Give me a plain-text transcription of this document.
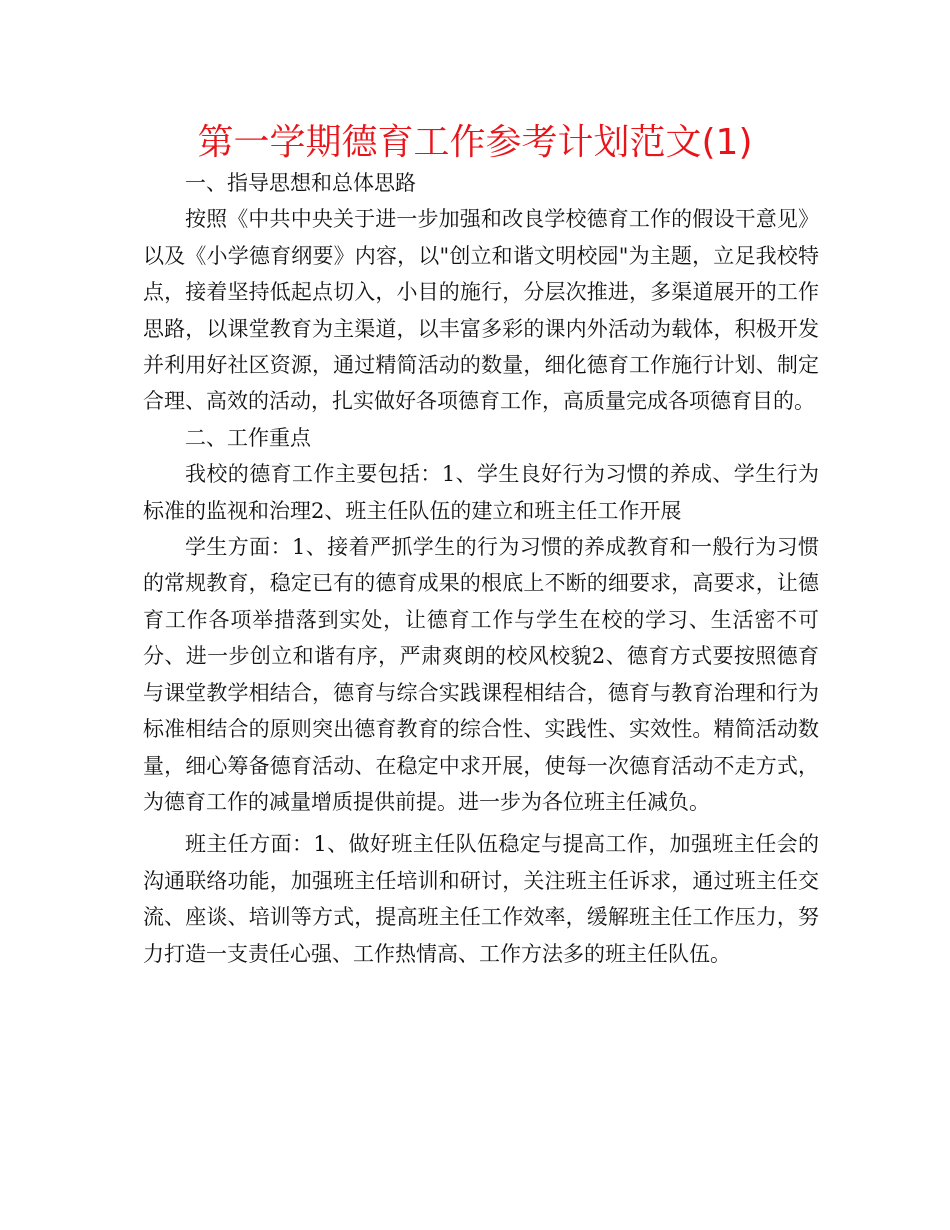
第一学期德育工作参考计划范文(1)

一、指导思想和总体思路

按照《中共中央关于进一步加强和改良学校德育工作的假设干意见》以及《小学德育纲要》内容，以"创立和谐文明校园"为主题，立足我校特点，接着坚持低起点切入，小目的施行，分层次推进，多渠道展开的工作思路，以课堂教育为主渠道，以丰富多彩的课内外活动为载体，积极开发并利用好社区资源，通过精简活动的数量，细化德育工作施行计划、制定合理、高效的活动，扎实做好各项德育工作，高质量完成各项德育目的。

二、工作重点

我校的德育工作主要包括：1、学生良好行为习惯的养成、学生行为标准的监视和治理2、班主任队伍的建立和班主任工作开展

学生方面：1、接着严抓学生的行为习惯的养成教育和一般行为习惯的常规教育，稳定已有的德育成果的根底上不断的细要求，高要求，让德育工作各项举措落到实处，让德育工作与学生在校的学习、生活密不可分、进一步创立和谐有序，严肃爽朗的校风校貌2、德育方式要按照德育与课堂教学相结合，德育与综合实践课程相结合，德育与教育治理和行为标准相结合的原则突出德育教育的综合性、实践性、实效性。精简活动数量，细心筹备德育活动、在稳定中求开展，使每一次德育活动不走方式，为德育工作的减量增质提供前提。进一步为各位班主任减负。

班主任方面：1、做好班主任队伍稳定与提高工作，加强班主任会的沟通联络功能，加强班主任培训和研讨，关注班主任诉求，通过班主任交流、座谈、培训等方式，提高班主任工作效率，缓解班主任工作压力，努力打造一支责任心强、工作热情高、工作方法多的班主任队伍。
